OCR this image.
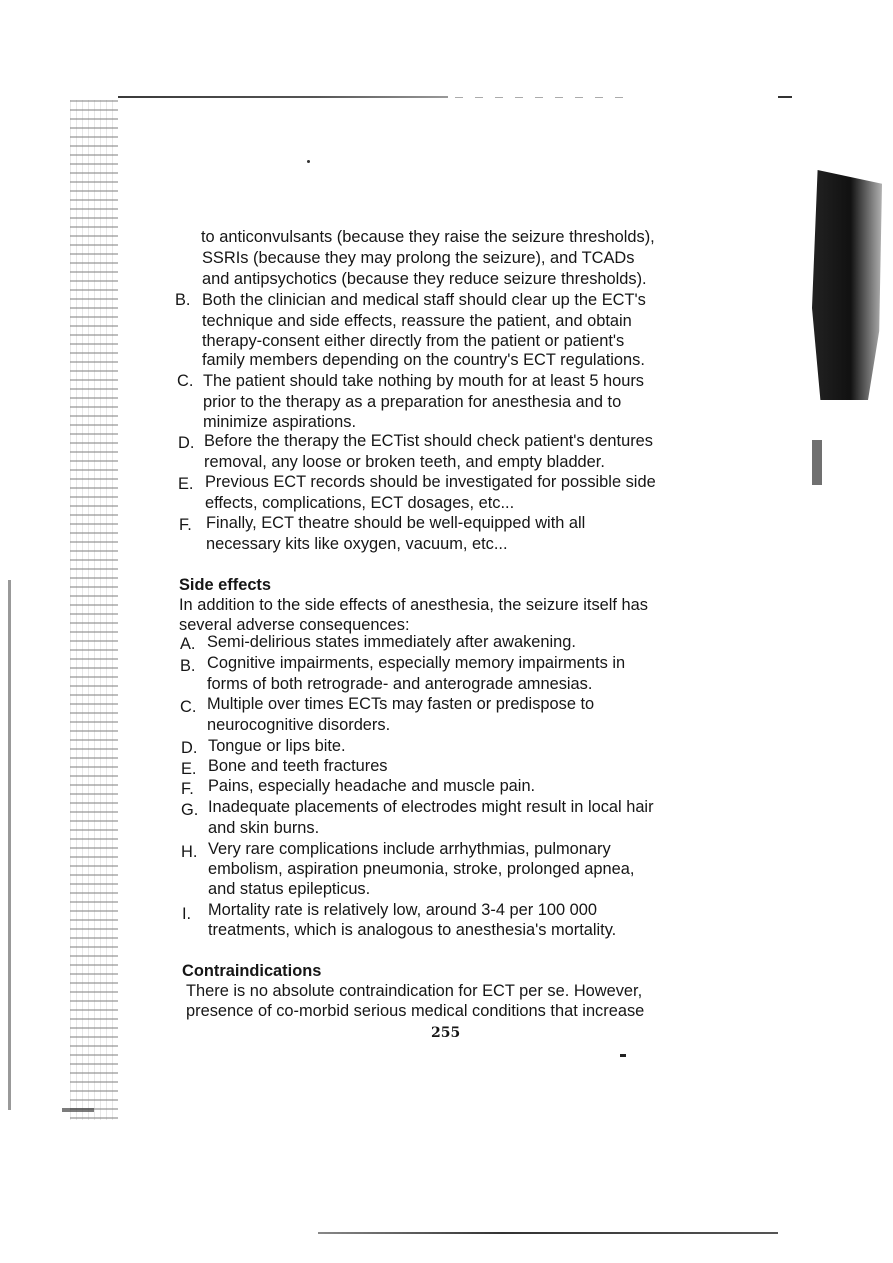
to anticonvulsants (because they raise the seizure thresholds),
SSRIs (because they may prolong the seizure), and TCADs
and antipsychotics (because they reduce seizure thresholds).
B. Both the clinician and medical staff should clear up the ECT's
technique and side effects, reassure the patient, and obtain
therapy-consent either directly from the patient or patient's
family members depending on the country's ECT regulations.
C. The patient should take nothing by mouth for at least 5 hours
prior to the therapy as a preparation for anesthesia and to
minimize aspirations.
D. Before the therapy the ECTist should check patient's dentures
removal, any loose or broken teeth, and empty bladder.
E. Previous ECT records should be investigated for possible side
effects, complications, ECT dosages, etc...
F. Finally, ECT theatre should be well-equipped with all
necessary kits like oxygen, vacuum, etc...
Side effects
In addition to the side effects of anesthesia, the seizure itself has
several adverse consequences:
A. Semi-delirious states immediately after awakening.
B. Cognitive impairments, especially memory impairments in
forms of both retrograde- and anterograde amnesias.
C. Multiple over times ECTs may fasten or predispose to
neurocognitive disorders.
D. Tongue or lips bite.
E. Bone and teeth fractures
F. Pains, especially headache and muscle pain.
G. Inadequate placements of electrodes might result in local hair
and skin burns.
H. Very rare complications include arrhythmias, pulmonary
embolism, aspiration pneumonia, stroke, prolonged apnea,
and status epilepticus.
I. Mortality rate is relatively low, around 3-4 per 100 000
treatments, which is analogous to anesthesia's mortality.
Contraindications
There is no absolute contraindication for ECT per se. However,
presence of co-morbid serious medical conditions that increase
255
